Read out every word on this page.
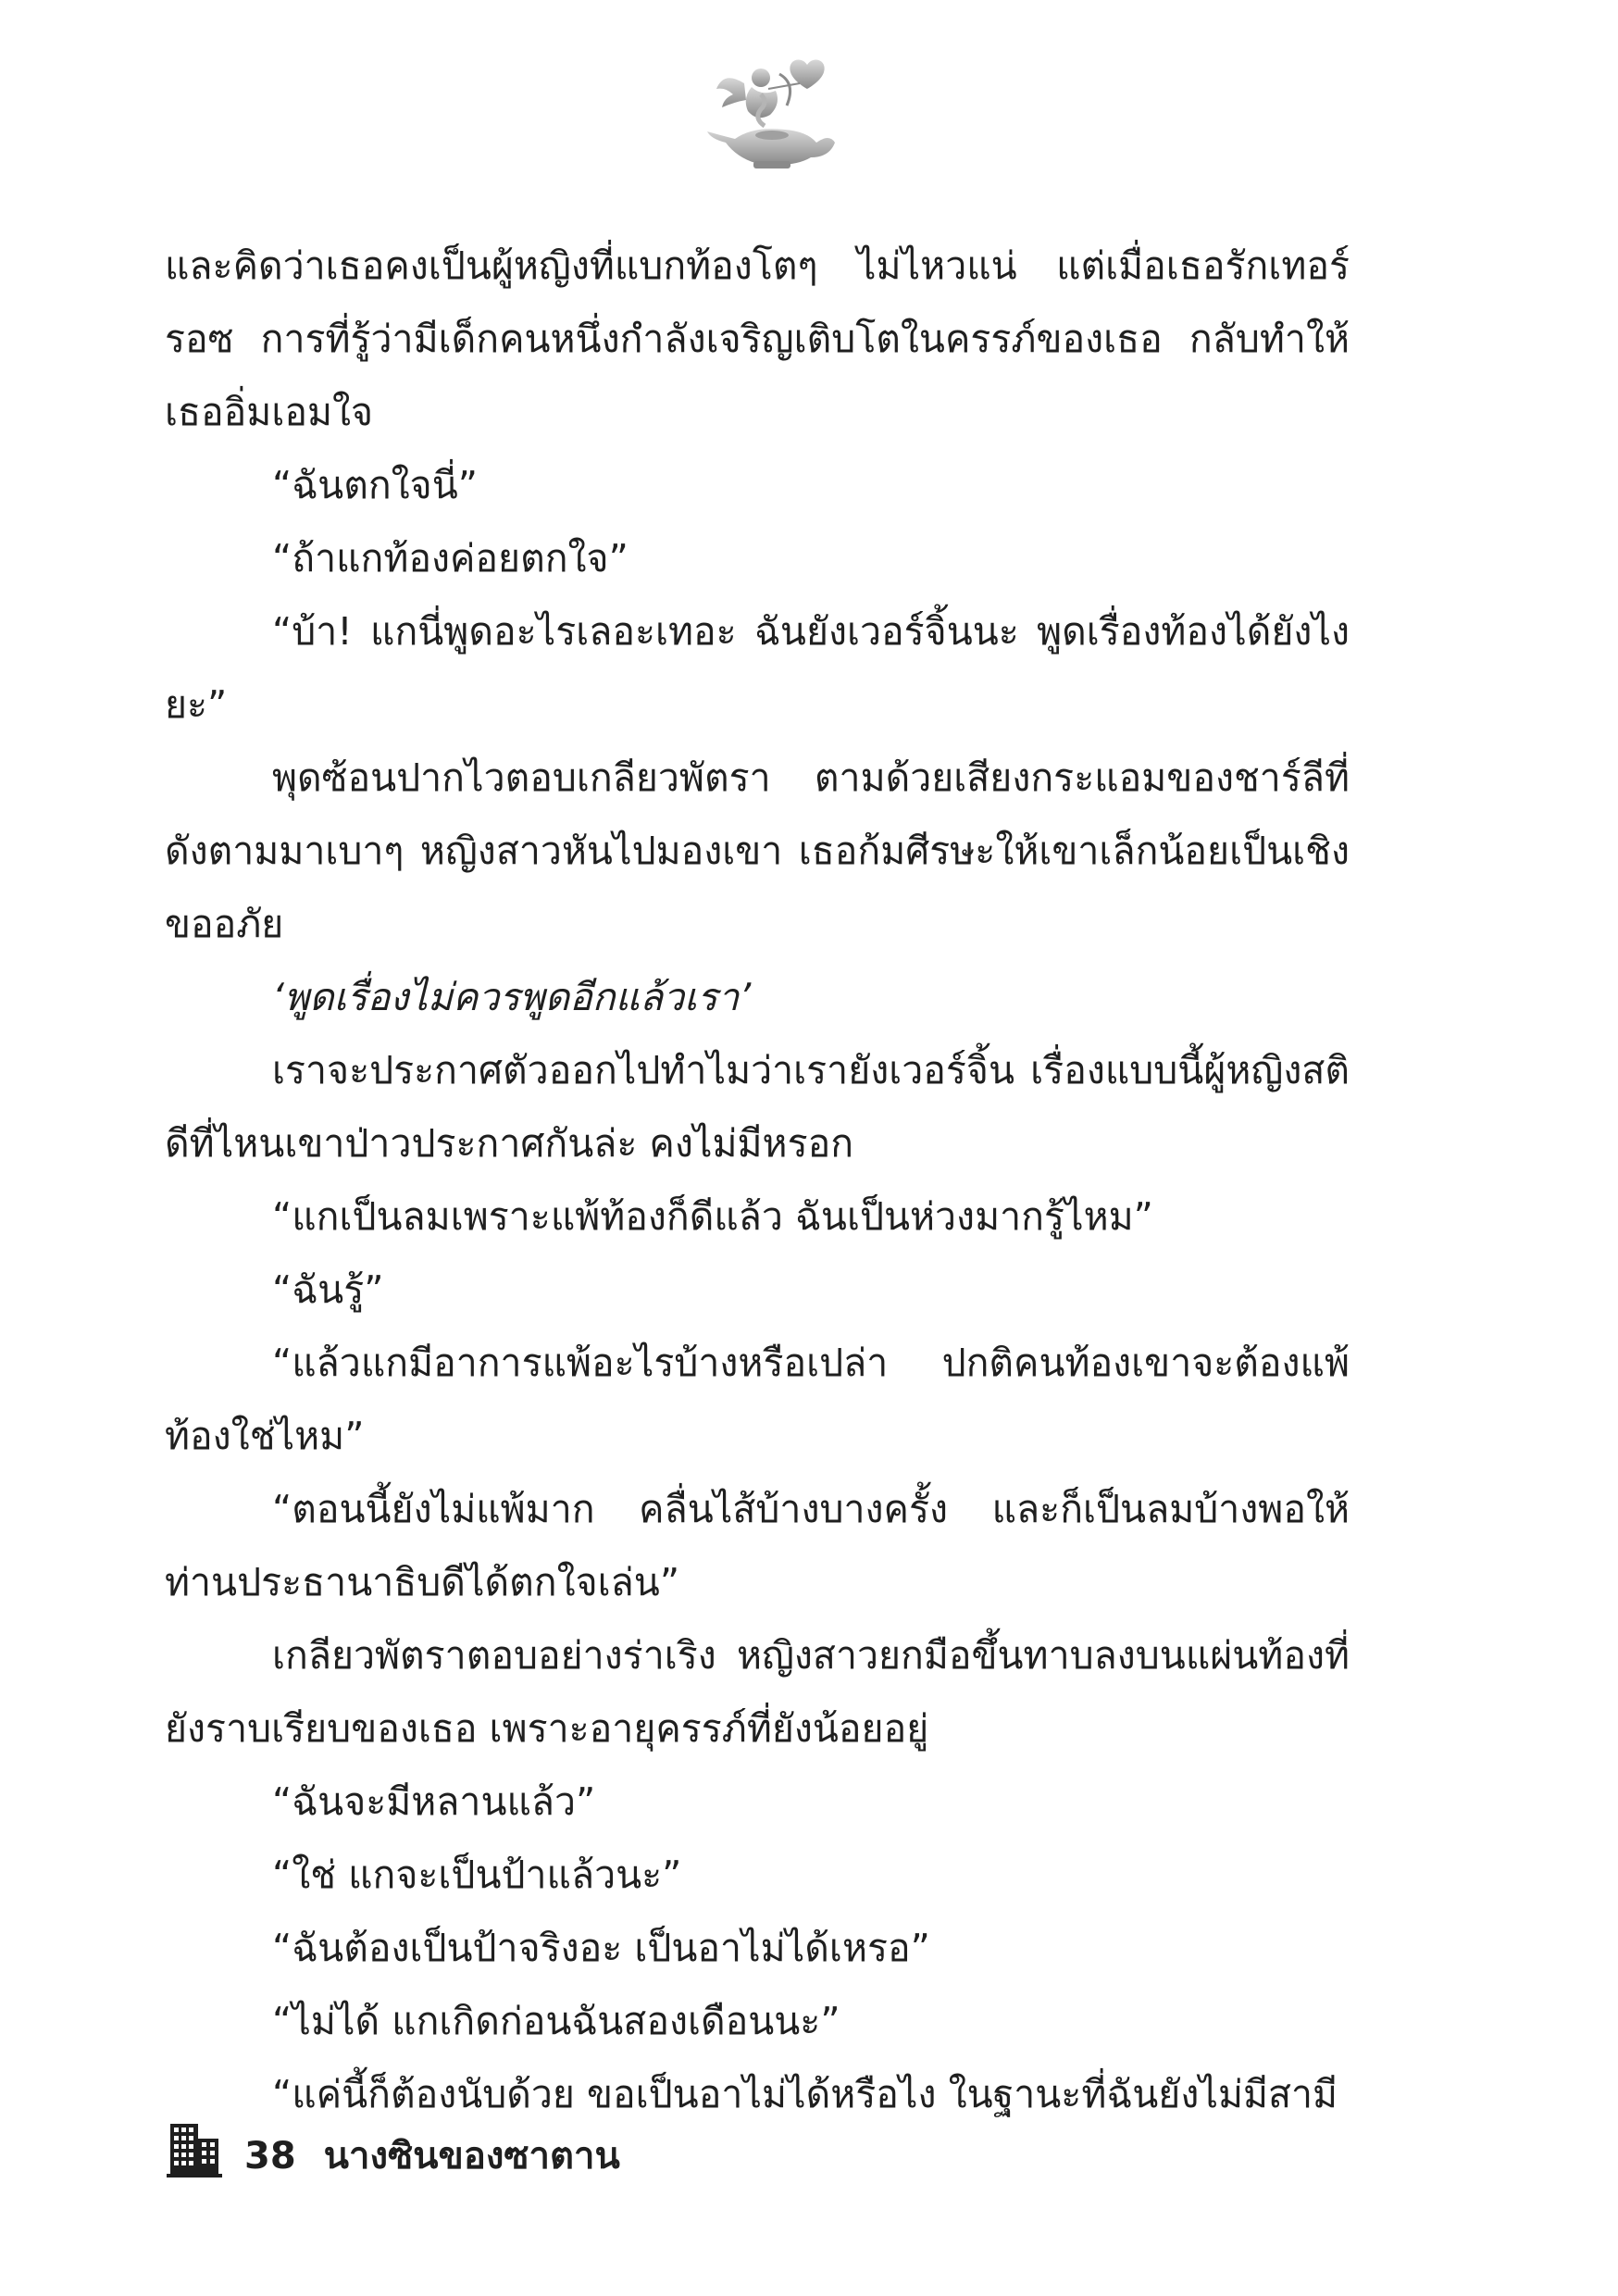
และคิดว่าเธอคงเป็นผู้หญิงที่แบกท้องโตๆ ไม่ไหวแน่ แต่เมื่อเธอรักเทอร์รอซ การที่รู้ว่ามีเด็กคนหนึ่งกำลังเจริญเติบโตในครรภ์ของเธอ กลับทำให้เธออิ่มเอมใจ

“ฉันตกใจนี่”

“ถ้าแกท้องค่อยตกใจ”

“บ้า! แกนี่พูดอะไรเลอะเทอะ ฉันยังเวอร์จิ้นนะ พูดเรื่องท้องได้ยังไงยะ”

พุดซ้อนปากไวตอบเกลียวพัตรา ตามด้วยเสียงกระแอมของชาร์ลีที่ดังตามมาเบาๆ หญิงสาวหันไปมองเขา เธอก้มศีรษะให้เขาเล็กน้อยเป็นเชิงขออภัย

‘พูดเรื่องไม่ควรพูดอีกแล้วเรา’

เราจะประกาศตัวออกไปทำไมว่าเรายังเวอร์จิ้น เรื่องแบบนี้ผู้หญิงสติดีที่ไหนเขาป่าวประกาศกันล่ะ คงไม่มีหรอก

“แกเป็นลมเพราะแพ้ท้องก็ดีแล้ว ฉันเป็นห่วงมากรู้ไหม”

“ฉันรู้”

“แล้วแกมีอาการแพ้อะไรบ้างหรือเปล่า ปกติคนท้องเขาจะต้องแพ้ท้องใช่ไหม”

“ตอนนี้ยังไม่แพ้มาก คลื่นไส้บ้างบางครั้ง และก็เป็นลมบ้างพอให้ท่านประธานาธิบดีได้ตกใจเล่น”

เกลียวพัตราตอบอย่างร่าเริง หญิงสาวยกมือขึ้นทาบลงบนแผ่นท้องที่ยังราบเรียบของเธอ เพราะอายุครรภ์ที่ยังน้อยอยู่

“ฉันจะมีหลานแล้ว”

“ใช่ แกจะเป็นป้าแล้วนะ”

“ฉันต้องเป็นป้าจริงอะ เป็นอาไม่ได้เหรอ”

“ไม่ได้ แกเกิดก่อนฉันสองเดือนนะ”

“แค่นี้ก็ต้องนับด้วย ขอเป็นอาไม่ได้หรือไง ในฐานะที่ฉันยังไม่มีสามี

38 นางซินของซาตาน
